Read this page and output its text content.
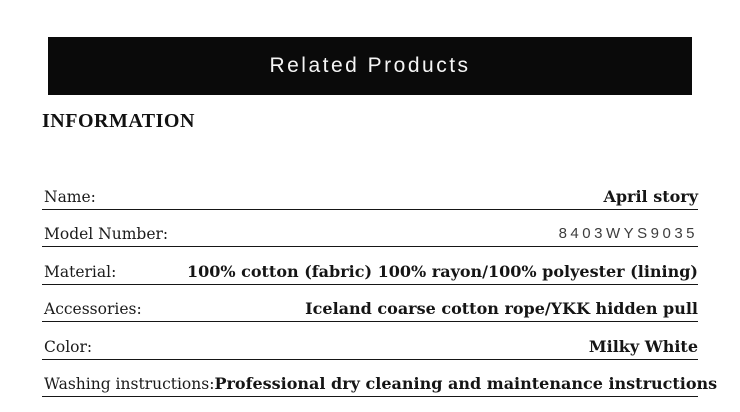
Related Products
INFORMATION
Name:	April story
Model Number:	8403WYS9035
Material:	100% cotton (fabric) 100% rayon/100% polyester (lining)
Accessories:	Iceland coarse cotton rope/YKK hidden pull
Color:	Milky White
Washing instructions: Professional dry cleaning and maintenance instructions
